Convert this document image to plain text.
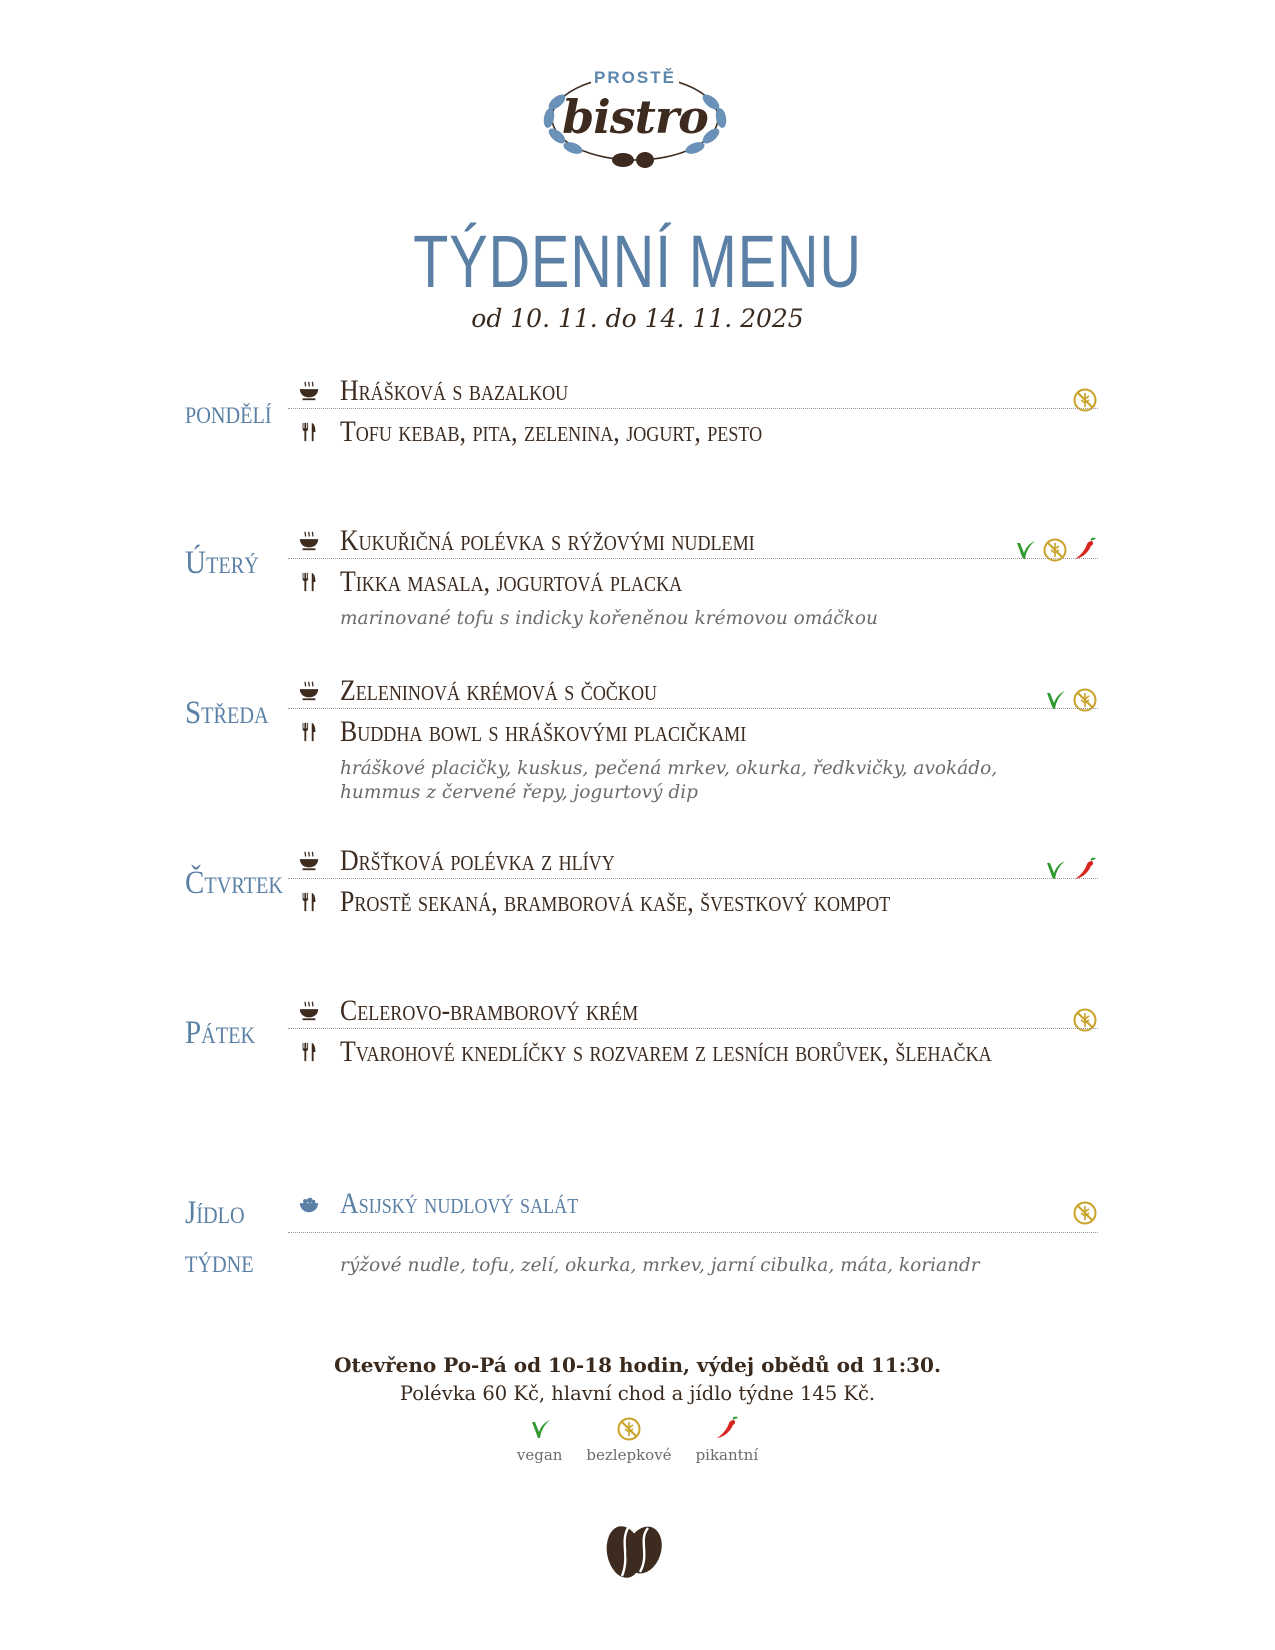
PROSTĚ
bistro
TÝDENNÍ MENU
od 10. 11. do 14. 11. 2025
pondělí
Hrášková s bazalkou
Tofu kebab, pita, zelenina, jogurt, pesto
Úterý
Kukuřičná polévka s rýžovými nudlemi
Tikka masala, jogurtová placka
marinované tofu s indicky kořeněnou krémovou omáčkou
Středa
Zeleninová krémová s čočkou
Buddha bowl s hráškovými placičkami
hráškové placičky, kuskus, pečená mrkev, okurka, ředkvičky, avokádo,
hummus z červené řepy, jogurtový dip
Čtvrtek
Dršťková polévka z hlívy
Prostě sekaná, bramborová kaše, švestkový kompot
Pátek
Celerovo-bramborový krém
Tvarohové knedlíčky s rozvarem z lesních borůvek, šlehačka
Jídlo
týdne
Asijský nudlový salát
rýžové nudle, tofu, zelí, okurka, mrkev, jarní cibulka, máta, koriandr
Otevřeno Po-Pá od 10-18 hodin, výdej obědů od 11:30.
Polévka 60 Kč, hlavní chod a jídlo týdne 145 Kč.
vegan bezlepkové pikantní
